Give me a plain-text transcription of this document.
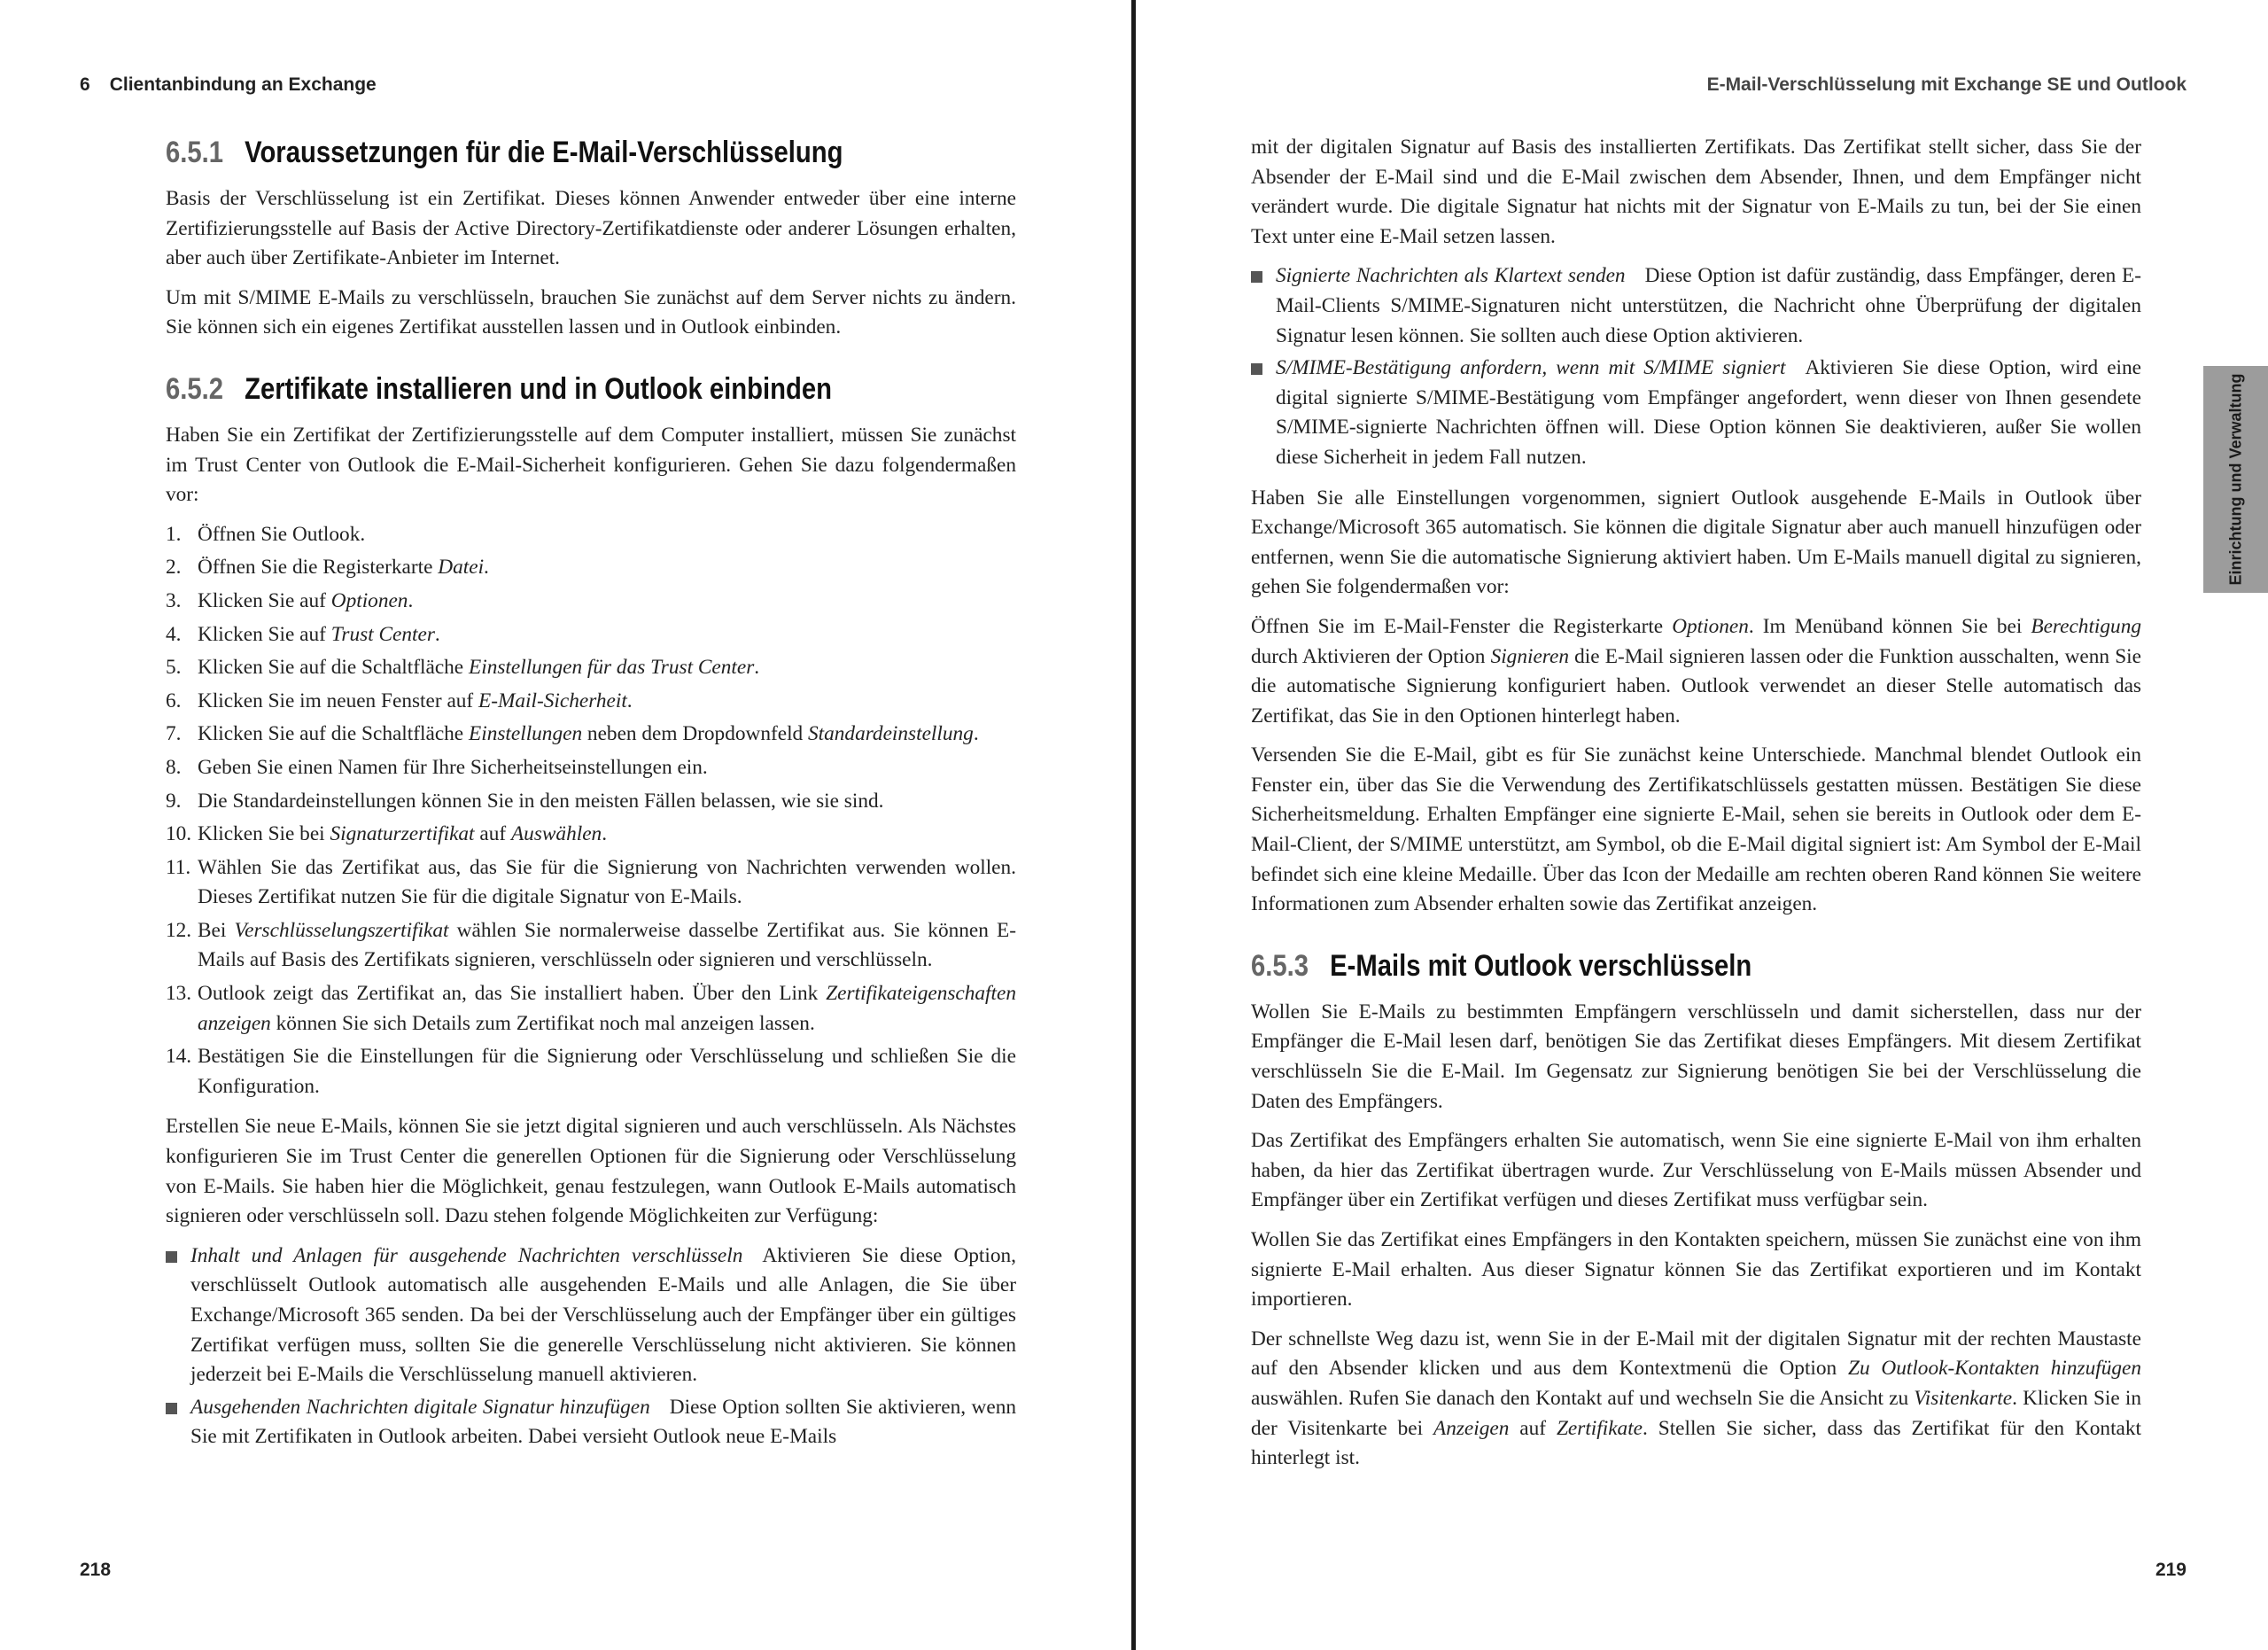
6 Clientanbindung an Exchange
6.5.1 Voraussetzungen für die E-Mail-Verschlüsselung

Basis der Verschlüsselung ist ein Zertifikat. Dieses können Anwender entweder über eine interne Zertifizierungsstelle auf Basis der Active Directory-Zertifikatdienste oder anderer Lösungen erhalten, aber auch über Zertifikate-Anbieter im Internet.

Um mit S/MIME E-Mails zu verschlüsseln, brauchen Sie zunächst auf dem Server nichts zu ändern. Sie können sich ein eigenes Zertifikat ausstellen lassen und in Outlook einbinden.

6.5.2 Zertifikate installieren und in Outlook einbinden

Haben Sie ein Zertifikat der Zertifizierungsstelle auf dem Computer installiert, müssen Sie zunächst im Trust Center von Outlook die E-Mail-Sicherheit konfigurieren. Gehen Sie dazu folgendermaßen vor:

1. Öffnen Sie Outlook.
2. Öffnen Sie die Registerkarte Datei.
3. Klicken Sie auf Optionen.
4. Klicken Sie auf Trust Center.
5. Klicken Sie auf die Schaltfläche Einstellungen für das Trust Center.
6. Klicken Sie im neuen Fenster auf E-Mail-Sicherheit.
7. Klicken Sie auf die Schaltfläche Einstellungen neben dem Dropdownfeld Standardeinstellung.
8. Geben Sie einen Namen für Ihre Sicherheitseinstellungen ein.
9. Die Standardeinstellungen können Sie in den meisten Fällen belassen, wie sie sind.
10. Klicken Sie bei Signaturzertifikat auf Auswählen.
11. Wählen Sie das Zertifikat aus, das Sie für die Signierung von Nachrichten verwenden wollen. Dieses Zertifikat nutzen Sie für die digitale Signatur von E-Mails.
12. Bei Verschlüsselungszertifikat wählen Sie normalerweise dasselbe Zertifikat aus. Sie können E-Mails auf Basis des Zertifikats signieren, verschlüsseln oder signieren und verschlüsseln.
13. Outlook zeigt das Zertifikat an, das Sie installiert haben. Über den Link Zertifikateigenschaften anzeigen können Sie sich Details zum Zertifikat noch mal anzeigen lassen.
14. Bestätigen Sie die Einstellungen für die Signierung oder Verschlüsselung und schließen Sie die Konfiguration.

Erstellen Sie neue E-Mails, können Sie sie jetzt digital signieren und auch verschlüsseln. Als Nächstes konfigurieren Sie im Trust Center die generellen Optionen für die Signierung oder Verschlüsselung von E-Mails. Sie haben hier die Möglichkeit, genau festzulegen, wann Outlook E-Mails automatisch signieren oder verschlüsseln soll. Dazu stehen folgende Möglichkeiten zur Verfügung:

Inhalt und Anlagen für ausgehende Nachrichten verschlüsseln Aktivieren Sie diese Option, verschlüsselt Outlook automatisch alle ausgehenden E-Mails und alle Anlagen, die Sie über Exchange/Microsoft 365 senden. Da bei der Verschlüsselung auch der Empfänger über ein gültiges Zertifikat verfügen muss, sollten Sie die generelle Verschlüsselung nicht aktivieren. Sie können jederzeit bei E-Mails die Verschlüsselung manuell aktivieren.
Ausgehenden Nachrichten digitale Signatur hinzufügen Diese Option sollten Sie aktivieren, wenn Sie mit Zertifikaten in Outlook arbeiten. Dabei versieht Outlook neue E-Mails
218
E-Mail-Verschlüsselung mit Exchange SE und Outlook

mit der digitalen Signatur auf Basis des installierten Zertifikats. Das Zertifikat stellt sicher, dass Sie der Absender der E-Mail sind und die E-Mail zwischen dem Absender, Ihnen, und dem Empfänger nicht verändert wurde. Die digitale Signatur hat nichts mit der Signatur von E-Mails zu tun, bei der Sie einen Text unter eine E-Mail setzen lassen.

Signierte Nachrichten als Klartext senden Diese Option ist dafür zuständig, dass Empfänger, deren E-Mail-Clients S/MIME-Signaturen nicht unterstützen, die Nachricht ohne Überprüfung der digitalen Signatur lesen können. Sie sollten auch diese Option aktivieren.
S/MIME-Bestätigung anfordern, wenn mit S/MIME signiert Aktivieren Sie diese Option, wird eine digital signierte S/MIME-Bestätigung vom Empfänger angefordert, wenn dieser von Ihnen gesendete S/MIME-signierte Nachrichten öffnen will. Diese Option können Sie deaktivieren, außer Sie wollen diese Sicherheit in jedem Fall nutzen.

Haben Sie alle Einstellungen vorgenommen, signiert Outlook ausgehende E-Mails in Outlook über Exchange/Microsoft 365 automatisch. Sie können die digitale Signatur aber auch manuell hinzufügen oder entfernen, wenn Sie die automatische Signierung aktiviert haben. Um E-Mails manuell digital zu signieren, gehen Sie folgendermaßen vor:

Öffnen Sie im E-Mail-Fenster die Registerkarte Optionen. Im Menüband können Sie bei Berechtigung durch Aktivieren der Option Signieren die E-Mail signieren lassen oder die Funktion ausschalten, wenn Sie die automatische Signierung konfiguriert haben. Outlook verwendet an dieser Stelle automatisch das Zertifikat, das Sie in den Optionen hinterlegt haben.

Versenden Sie die E-Mail, gibt es für Sie zunächst keine Unterschiede. Manchmal blendet Outlook ein Fenster ein, über das Sie die Verwendung des Zertifikatschlüssels gestatten müssen. Bestätigen Sie diese Sicherheitsmeldung. Erhalten Empfänger eine signierte E-Mail, sehen sie bereits in Outlook oder dem E-Mail-Client, der S/MIME unterstützt, am Symbol, ob die E-Mail digital signiert ist: Am Symbol der E-Mail befindet sich eine kleine Medaille. Über das Icon der Medaille am rechten oberen Rand können Sie weitere Informationen zum Absender erhalten sowie das Zertifikat anzeigen.

6.5.3 E-Mails mit Outlook verschlüsseln

Wollen Sie E-Mails zu bestimmten Empfängern verschlüsseln und damit sicherstellen, dass nur der Empfänger die E-Mail lesen darf, benötigen Sie das Zertifikat dieses Empfängers. Mit diesem Zertifikat verschlüsseln Sie die E-Mail. Im Gegensatz zur Signierung benötigen Sie bei der Verschlüsselung die Daten des Empfängers.

Das Zertifikat des Empfängers erhalten Sie automatisch, wenn Sie eine signierte E-Mail von ihm erhalten haben, da hier das Zertifikat übertragen wurde. Zur Verschlüsselung von E-Mails müssen Absender und Empfänger über ein Zertifikat verfügen und dieses Zertifikat muss verfügbar sein.

Wollen Sie das Zertifikat eines Empfängers in den Kontakten speichern, müssen Sie zunächst eine von ihm signierte E-Mail erhalten. Aus dieser Signatur können Sie das Zertifikat exportieren und im Kontakt importieren.

Der schnellste Weg dazu ist, wenn Sie in der E-Mail mit der digitalen Signatur mit der rechten Maustaste auf den Absender klicken und aus dem Kontextmenü die Option Zu Outlook-Kontakten hinzufügen auswählen. Rufen Sie danach den Kontakt auf und wechseln Sie die Ansicht zu Visitenkarte. Klicken Sie in der Visitenkarte bei Anzeigen auf Zertifikate. Stellen Sie sicher, dass das Zertifikat für den Kontakt hinterlegt ist.

Einrichtung und Verwaltung
219
